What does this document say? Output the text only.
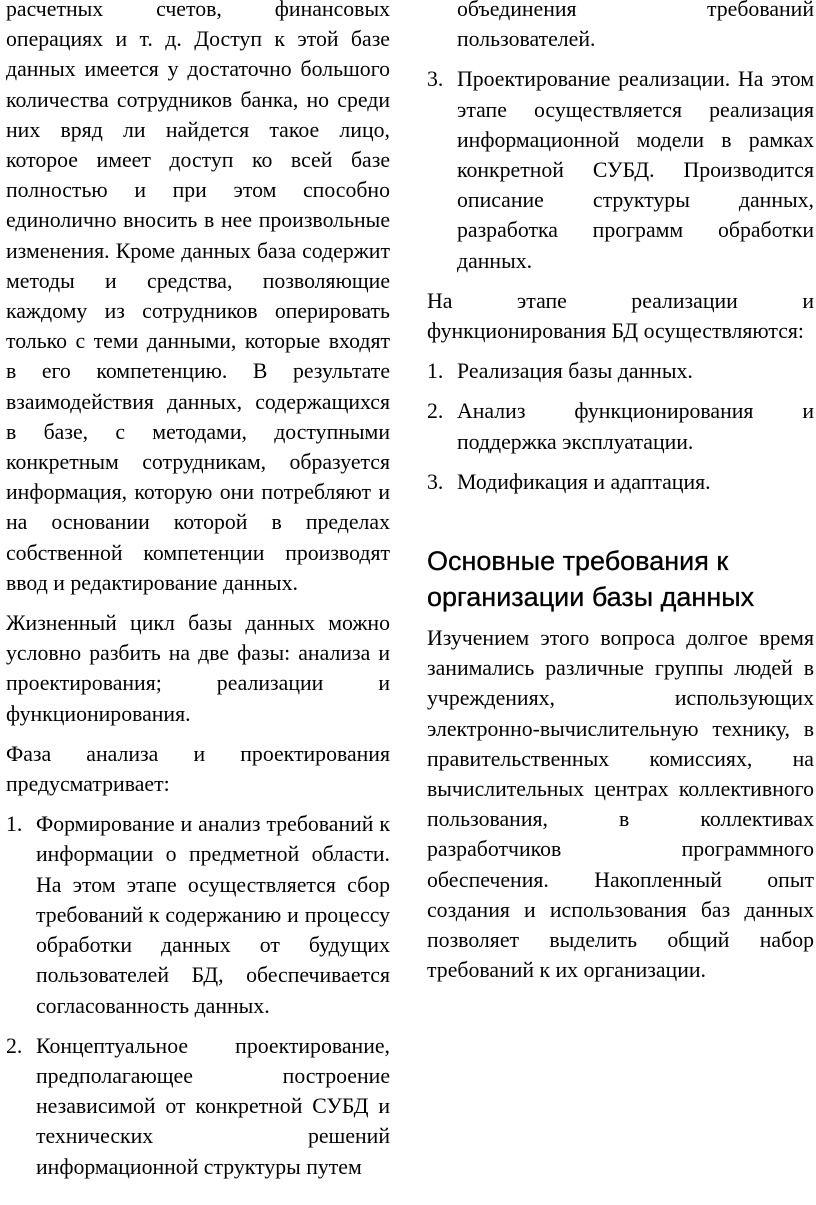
расчетных счетов, финансовых операциях и т. д. Доступ к этой базе данных имеется у достаточно большого количества сотрудников банка, но среди них вряд ли найдется такое лицо, которое имеет доступ ко всей базе полностью и при этом способно единолично вносить в нее произвольные изменения. Кроме данных база содержит методы и средства, позволяющие каждому из сотрудников оперировать только с теми данными, которые входят в его компетенцию. В результате взаимодействия данных, содержащихся в базе, с методами, доступными конкретным сотрудникам, образуется информация, которую они потребляют и на основании которой в пределах собственной компетенции производят ввод и редактирование данных.

Жизненный цикл базы данных можно условно разбить на две фазы: анализа и проектирования; реализации и функционирования.

Фаза анализа и проектирования предусматривает:

1. Формирование и анализ требований к информации о предметной области. На этом этапе осуществляется сбор требований к содержанию и процессу обработки данных от будущих пользователей БД, обеспечивается согласованность данных.
2. Концептуальное проектирование, предполагающее построение независимой от конкретной СУБД и технических решений информационной структуры путем
объединения требований пользователей.
3. Проектирование реализации. На этом этапе осуществляется реализация информационной модели в рамках конкретной СУБД. Производится описание структуры данных, разработка программ обработки данных.

На этапе реализации и функционирования БД осуществляются:

1. Реализация базы данных.
2. Анализ функционирования и поддержка эксплуатации.
3. Модификация и адаптация.
Основные требования к организации базы данных

Изучением этого вопроса долгое время занимались различные группы людей в учреждениях, использующих электронно-вычислительную технику, в правительственных комиссиях, на вычислительных центрах коллективного пользования, в коллективах разработчиков программного обеспечения. Накопленный опыт создания и использования баз данных позволяет выделить общий набор требований к их организации.
